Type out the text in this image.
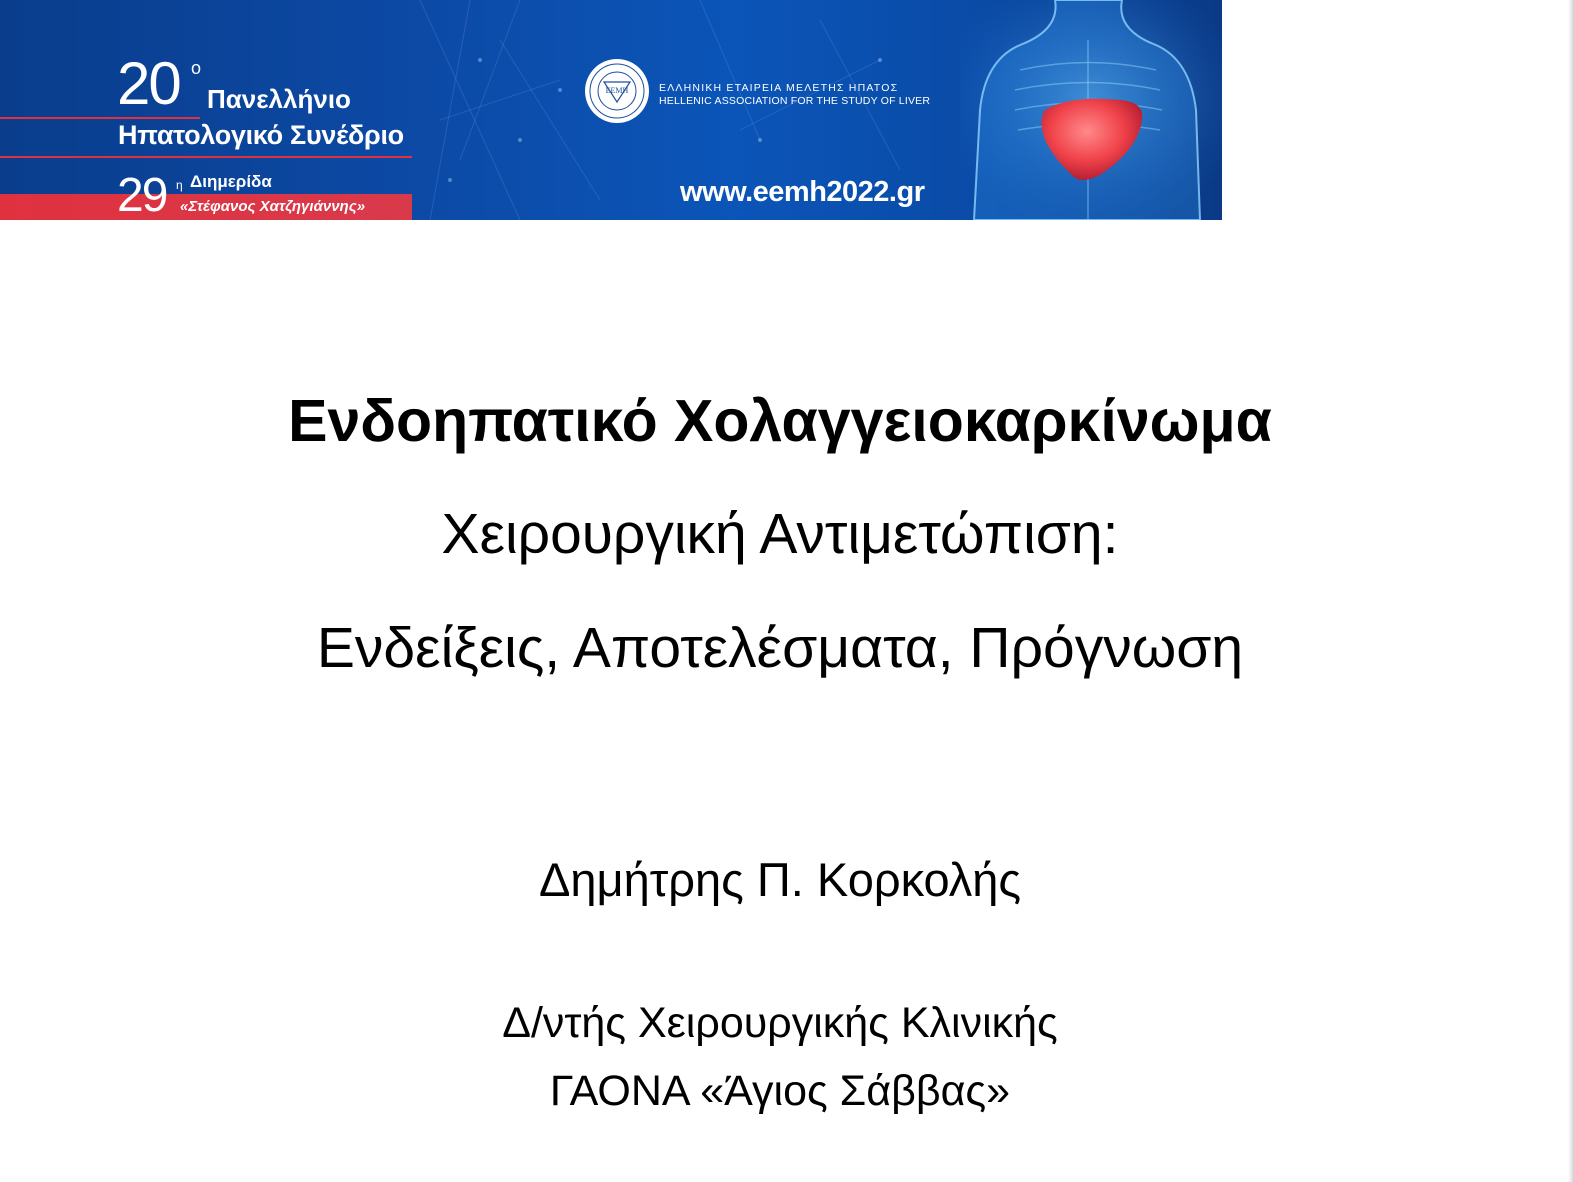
20 ο
Πανελλήνιο
Ηπατολογικό Συνέδριο
29 η Διημερίδα
«Στέφανος Χατζηγιάννης»
ΕΕΜΗ	ΕΛΛΗΝΙΚΗ ΕΤΑΙΡΕΙΑ ΜΕΛΕΤΗΣ ΗΠΑΤΟΣ
HELLENIC ASSOCIATION FOR THE STUDY OF LIVER
www.eemh2022.gr
Ενδοηπατικό Χολαγγειοκαρκίνωμα
Χειρουργική Αντιμετώπιση:
Ενδείξεις, Αποτελέσματα, Πρόγνωση
Δημήτρης Π. Κορκολής
Δ/ντής Χειρουργικής Κλινικής
ΓΑΟΝΑ «Άγιος Σάββας»
